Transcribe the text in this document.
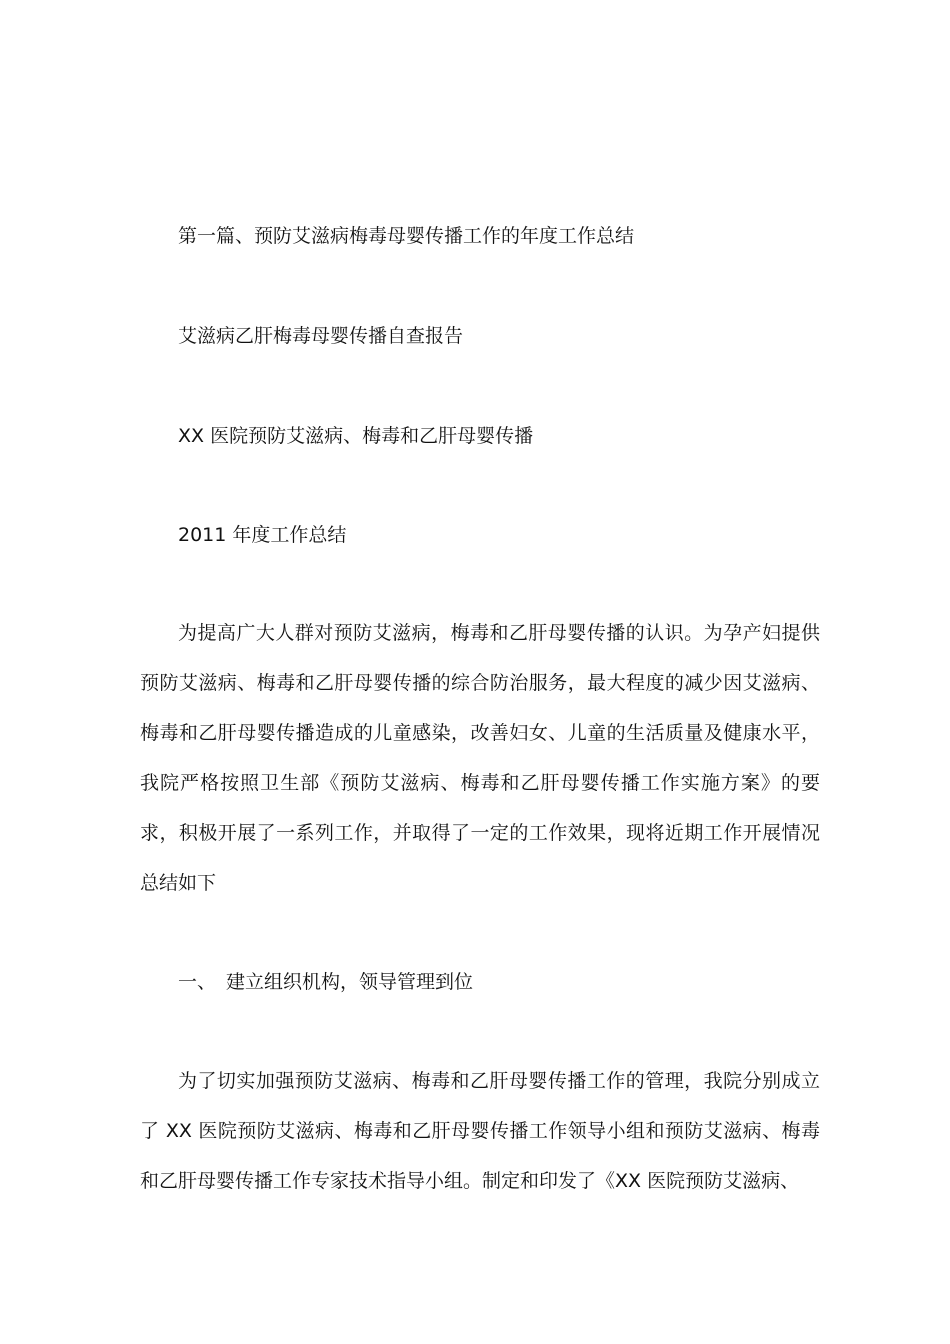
第一篇、预防艾滋病梅毒母婴传播工作的年度工作总结
艾滋病乙肝梅毒母婴传播自查报告
XX 医院预防艾滋病、梅毒和乙肝母婴传播
2011 年度工作总结

为提高广大人群对预防艾滋病，梅毒和乙肝母婴传播的认识。为孕产妇提供预防艾滋病、梅毒和乙肝母婴传播的综合防治服务，最大程度的减少因艾滋病、梅毒和乙肝母婴传播造成的儿童感染，改善妇女、儿童的生活质量及健康水平，我院严格按照卫生部《预防艾滋病、梅毒和乙肝母婴传播工作实施方案》的要求，积极开展了一系列工作，并取得了一定的工作效果，现将近期工作开展情况总结如下

一、 建立组织机构，领导管理到位

为了切实加强预防艾滋病、梅毒和乙肝母婴传播工作的管理，我院分别成立了 XX 医院预防艾滋病、梅毒和乙肝母婴传播工作领导小组和预防艾滋病、梅毒和乙肝母婴传播工作专家技术指导小组。制定和印发了《XX 医院预防艾滋病、
